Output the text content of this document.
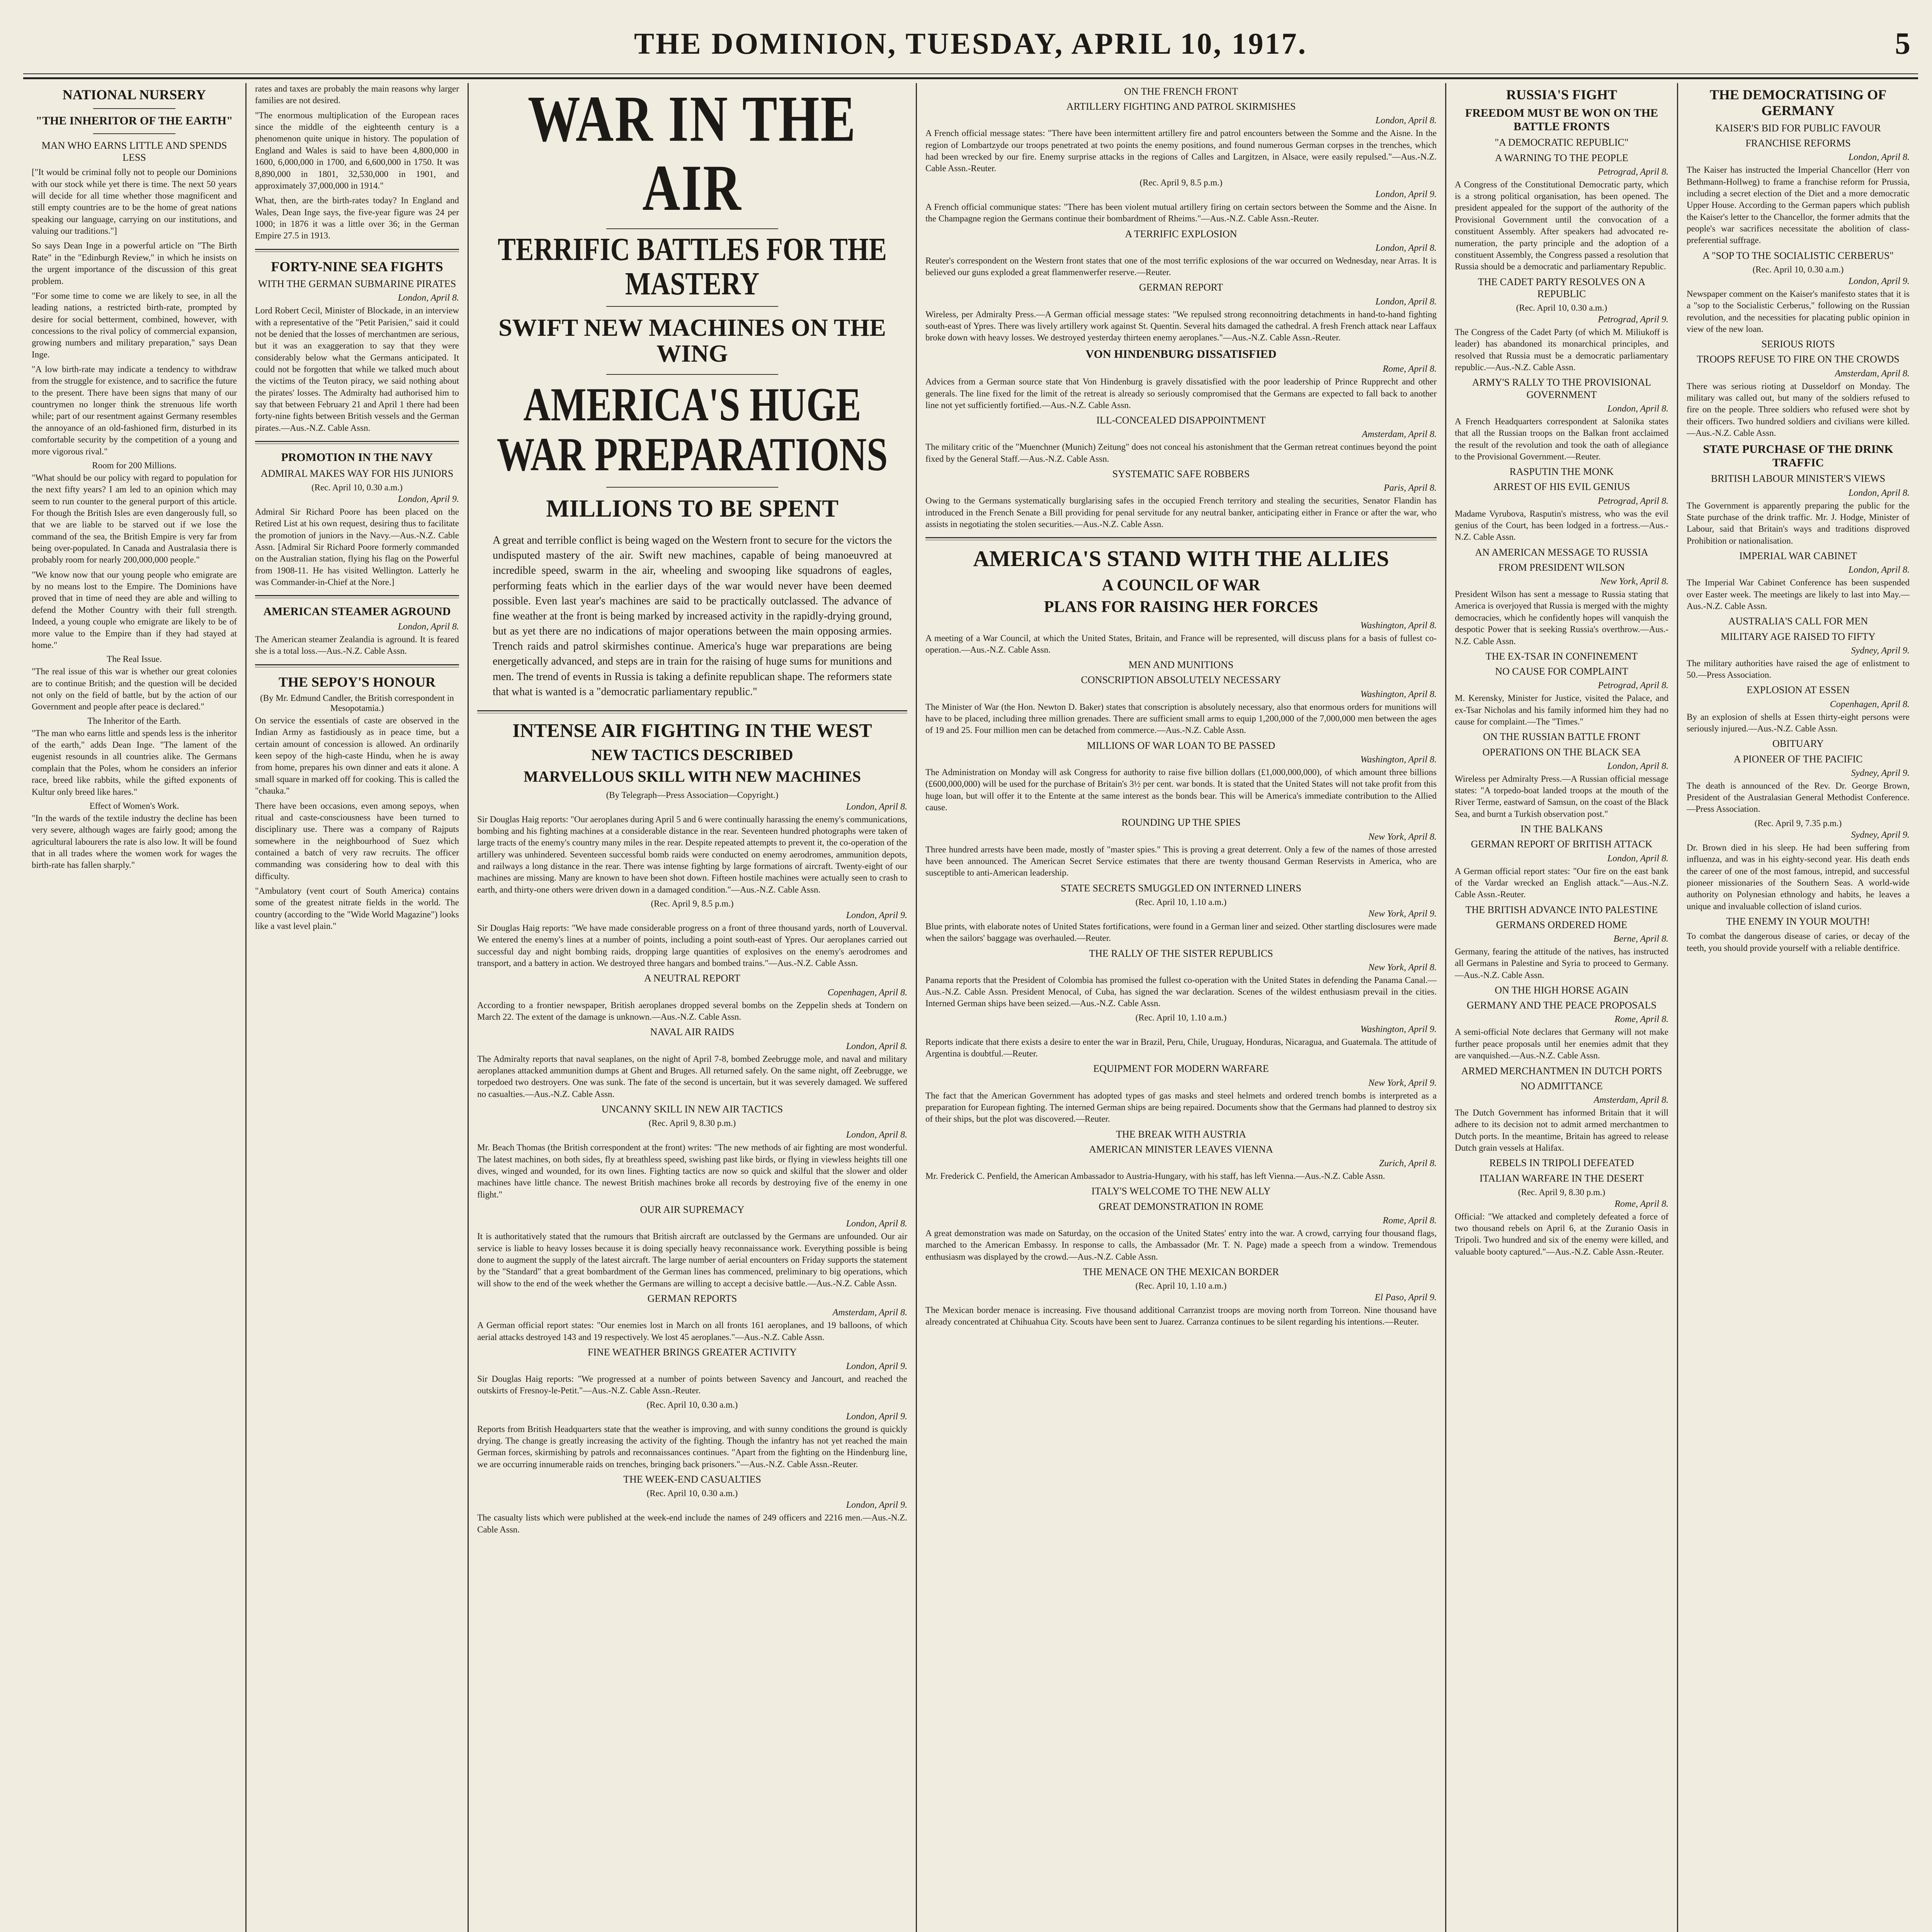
THE DOMINION, TUESDAY, APRIL 10, 1917.	5
NATIONAL NURSERY
"THE INHERITOR OF THE EARTH"
MAN WHO EARNS LITTLE AND SPENDS LESS

["It would be criminal folly not to people our Dominions with our stock while yet there is time. The next 50 years will decide for all time whether those magnificent and still empty countries are to be the home of great nations speaking our language, carrying on our institutions, and valuing our traditions."]

So says Dean Inge in a powerful article on "The Birth Rate" in the "Edinburgh Review," in which he insists on the urgent importance of the discussion of this great problem.

"For some time to come we are likely to see, in all the leading nations, a restricted birth-rate, prompted by desire for social betterment, combined, however, with concessions to the rival policy of commercial expansion, growing numbers and military preparation," says Dean Inge.

"A low birth-rate may indicate a tendency to withdraw from the struggle for existence, and to sacrifice the future to the present. There have been signs that many of our countrymen no longer think the strenuous life worth while; part of our resentment against Germany resembles the annoyance of an old-fashioned firm, disturbed in its comfortable security by the competition of a young and more vigorous rival."

Room for 200 Millions.

"What should be our policy with regard to population for the next fifty years? I am led to an opinion which may seem to run counter to the general purport of this article. For though the British Isles are even dangerously full, so that we are liable to be starved out if we lose the command of the sea, the British Empire is very far from being over-populated. In Canada and Australasia there is probably room for nearly 200,000,000 people."

"We know now that our young people who emigrate are by no means lost to the Empire. The Dominions have proved that in time of need they are able and willing to defend the Mother Country with their full strength. Indeed, a young couple who emigrate are likely to be of more value to the Empire than if they had stayed at home."

The Real Issue.

"The real issue of this war is whether our great colonies are to continue British; and the question will be decided not only on the field of battle, but by the action of our Government and people after peace is declared."

The Inheritor of the Earth.

"The man who earns little and spends less is the inheritor of the earth," adds Dean Inge. "The lament of the eugenist resounds in all countries alike. The Germans complain that the Poles, whom he considers an inferior race, breed like rabbits, while the gifted exponents of Kultur only breed like hares."

Effect of Women's Work.

"In the wards of the textile industry the decline has been very severe, although wages are fairly good; among the agricultural labourers the rate is also low. It will be found that in all trades where the women work for wages the birth-rate has fallen sharply."

rates and taxes are probably the main reasons why larger families are not desired.

"The enormous multiplication of the European races since the middle of the eighteenth century is a phenomenon quite unique in history. The population of England and Wales is said to have been 4,800,000 in 1600, 6,000,000 in 1700, and 6,600,000 in 1750. It was 8,890,000 in 1801, 32,530,000 in 1901, and approximately 37,000,000 in 1914."

What, then, are the birth-rates today? In England and Wales, Dean Inge says, the five-year figure was 24 per 1000; in 1876 it was a little over 36; in the German Empire 27.5 in 1913.

FORTY-NINE SEA FIGHTS
WITH THE GERMAN SUBMARINE PIRATES
London, April 8.

Lord Robert Cecil, Minister of Blockade, in an interview with a representative of the "Petit Parisien," said it could not be denied that the losses of merchantmen are serious, but it was an exaggeration to say that they were considerably below what the Germans anticipated. It could not be forgotten that while we talked much about the victims of the Teuton piracy, we said nothing about the pirates' losses. The Admiralty had authorised him to say that between February 21 and April 1 there had been forty-nine fights between British vessels and the German pirates.—Aus.-N.Z. Cable Assn.

PROMOTION IN THE NAVY
ADMIRAL MAKES WAY FOR HIS JUNIORS
(Rec. April 10, 0.30 a.m.)
London, April 9.

Admiral Sir Richard Poore has been placed on the Retired List at his own request, desiring thus to facilitate the promotion of juniors in the Navy.—Aus.-N.Z. Cable Assn. [Admiral Sir Richard Poore formerly commanded on the Australian station, flying his flag on the Powerful from 1908-11. He has visited Wellington. Latterly he was Commander-in-Chief at the Nore.]

AMERICAN STEAMER AGROUND
London, April 8.

The American steamer Zealandia is aground. It is feared she is a total loss.—Aus.-N.Z. Cable Assn.

THE SEPOY'S HONOUR
(By Mr. Edmund Candler, the British correspondent in Mesopotamia.)

On service the essentials of caste are observed in the Indian Army as fastidiously as in peace time, but a certain amount of concession is allowed. An ordinarily keen sepoy of the high-caste Hindu, when he is away from home, prepares his own dinner and eats it alone. A small square in marked off for cooking. This is called the "chauka."

There have been occasions, even among sepoys, when ritual and caste-consciousness have been turned to disciplinary use. There was a company of Rajputs somewhere in the neighbourhood of Suez which contained a batch of very raw recruits. The officer commanding was considering how to deal with this difficulty.

"Ambulatory (vent court of South America) contains some of the greatest nitrate fields in the world. The country (according to the "Wide World Magazine") looks like a vast level plain."

WAR IN THE AIR
TERRIFIC BATTLES FOR THE MASTERY
SWIFT NEW MACHINES ON THE WING
AMERICA'S HUGE WAR PREPARATIONS
MILLIONS TO BE SPENT

A great and terrible conflict is being waged on the Western front to secure for the victors the undisputed mastery of the air. Swift new machines, capable of being manoeuvred at incredible speed, swarm in the air, wheeling and swooping like squadrons of eagles, performing feats which in the earlier days of the war would never have been deemed possible. Even last year's machines are said to be practically outclassed. The advance of fine weather at the front is being marked by increased activity in the rapidly-drying ground, but as yet there are no indications of major operations between the main opposing armies. Trench raids and patrol skirmishes continue. America's huge war preparations are being energetically advanced, and steps are in train for the raising of huge sums for munitions and men. The trend of events in Russia is taking a definite republican shape. The reformers state that what is wanted is a "democratic parliamentary republic."

INTENSE AIR FIGHTING IN THE WEST
NEW TACTICS DESCRIBED
MARVELLOUS SKILL WITH NEW MACHINES
(By Telegraph—Press Association—Copyright.)
London, April 8.

Sir Douglas Haig reports: "Our aeroplanes during April 5 and 6 were continually harassing the enemy's communications, bombing and his fighting machines at a considerable distance in the rear. Seventeen hundred photographs were taken of large tracts of the enemy's country many miles in the rear. Despite repeated attempts to prevent it, the co-operation of the artillery was unhindered. Seventeen successful bomb raids were conducted on enemy aerodromes, ammunition depots, and railways a long distance in the rear. There was intense fighting by large formations of aircraft. Twenty-eight of our machines are missing. Many are known to have been shot down. Fifteen hostile machines were actually seen to crash to earth, and thirty-one others were driven down in a damaged condition."—Aus.-N.Z. Cable Assn.

(Rec. April 9, 8.5 p.m.)
London, April 9.

Sir Douglas Haig reports: "We have made considerable progress on a front of three thousand yards, north of Louverval. We entered the enemy's lines at a number of points, including a point south-east of Ypres. Our aeroplanes carried out successful day and night bombing raids, dropping large quantities of explosives on the enemy's aerodromes and transport, and a battery in action. We destroyed three hangars and bombed trains."—Aus.-N.Z. Cable Assn.

A NEUTRAL REPORT
Copenhagen, April 8.

According to a frontier newspaper, British aeroplanes dropped several bombs on the Zeppelin sheds at Tondern on March 22. The extent of the damage is unknown.—Aus.-N.Z. Cable Assn.

NAVAL AIR RAIDS
London, April 8.

The Admiralty reports that naval seaplanes, on the night of April 7-8, bombed Zeebrugge mole, and naval and military aeroplanes attacked ammunition dumps at Ghent and Bruges. All returned safely. On the same night, off Zeebrugge, we torpedoed two destroyers. One was sunk. The fate of the second is uncertain, but it was severely damaged. We suffered no casualties.—Aus.-N.Z. Cable Assn.

UNCANNY SKILL IN NEW AIR TACTICS
(Rec. April 9, 8.30 p.m.)
London, April 8.

Mr. Beach Thomas (the British correspondent at the front) writes: "The new methods of air fighting are most wonderful. The latest machines, on both sides, fly at breathless speed, swishing past like birds, or flying in viewless heights till one dives, winged and wounded, for its own lines. Fighting tactics are now so quick and skilful that the slower and older machines have little chance. The newest British machines broke all records by destroying five of the enemy in one flight."

OUR AIR SUPREMACY
London, April 8.

It is authoritatively stated that the rumours that British aircraft are outclassed by the Germans are unfounded. Our air service is liable to heavy losses because it is doing specially heavy reconnaissance work. Everything possible is being done to augment the supply of the latest aircraft. The large number of aerial encounters on Friday supports the statement by the "Standard" that a great bombardment of the German lines has commenced, preliminary to big operations, which will show to the end of the week whether the Germans are willing to accept a decisive battle.—Aus.-N.Z. Cable Assn.

GERMAN REPORTS
Amsterdam, April 8.

A German official report states: "Our enemies lost in March on all fronts 161 aeroplanes, and 19 balloons, of which aerial attacks destroyed 143 and 19 respectively. We lost 45 aeroplanes."—Aus.-N.Z. Cable Assn.

FINE WEATHER BRINGS GREATER ACTIVITY
London, April 9.

Sir Douglas Haig reports: "We progressed at a number of points between Savency and Jancourt, and reached the outskirts of Fresnoy-le-Petit."—Aus.-N.Z. Cable Assn.-Reuter.

(Rec. April 10, 0.30 a.m.)
London, April 9.

Reports from British Headquarters state that the weather is improving, and with sunny conditions the ground is quickly drying. The change is greatly increasing the activity of the fighting. Though the infantry has not yet reached the main German forces, skirmishing by patrols and reconnaissances continues. "Apart from the fighting on the Hindenburg line, we are occurring innumerable raids on trenches, bringing back prisoners."—Aus.-N.Z. Cable Assn.-Reuter.

THE WEEK-END CASUALTIES
(Rec. April 10, 0.30 a.m.)
London, April 9.

The casualty lists which were published at the week-end include the names of 249 officers and 2216 men.—Aus.-N.Z. Cable Assn.

ON THE FRENCH FRONT
ARTILLERY FIGHTING AND PATROL SKIRMISHES
London, April 8.

A French official message states: "There have been intermittent artillery fire and patrol encounters between the Somme and the Aisne. In the region of Lombartzyde our troops penetrated at two points the enemy positions, and found numerous German corpses in the trenches, which had been wrecked by our fire. Enemy surprise attacks in the regions of Calles and Largitzen, in Alsace, were easily repulsed."—Aus.-N.Z. Cable Assn.-Reuter.

(Rec. April 9, 8.5 p.m.)
London, April 9.

A French official communique states: "There has been violent mutual artillery firing on certain sectors between the Somme and the Aisne. In the Champagne region the Germans continue their bombardment of Rheims."—Aus.-N.Z. Cable Assn.-Reuter.

A TERRIFIC EXPLOSION
London, April 8.

Reuter's correspondent on the Western front states that one of the most terrific explosions of the war occurred on Wednesday, near Arras. It is believed our guns exploded a great flammenwerfer reserve.—Reuter.

GERMAN REPORT
London, April 8.

Wireless, per Admiralty Press.—A German official message states: "We repulsed strong reconnoitring detachments in hand-to-hand fighting south-east of Ypres. There was lively artillery work against St. Quentin. Several hits damaged the cathedral. A fresh French attack near Laffaux broke down with heavy losses. We destroyed yesterday thirteen enemy aeroplanes."—Aus.-N.Z. Cable Assn.-Reuter.

VON HINDENBURG DISSATISFIED
Rome, April 8.

Advices from a German source state that Von Hindenburg is gravely dissatisfied with the poor leadership of Prince Rupprecht and other generals. The line fixed for the limit of the retreat is already so seriously compromised that the Germans are expected to fall back to another line not yet sufficiently fortified.—Aus.-N.Z. Cable Assn.

ILL-CONCEALED DISAPPOINTMENT
Amsterdam, April 8.

The military critic of the "Muenchner (Munich) Zeitung" does not conceal his astonishment that the German retreat continues beyond the point fixed by the General Staff.—Aus.-N.Z. Cable Assn.

SYSTEMATIC SAFE ROBBERS
Paris, April 8.

Owing to the Germans systematically burglarising safes in the occupied French territory and stealing the securities, Senator Flandin has introduced in the French Senate a Bill providing for penal servitude for any neutral banker, anticipating either in France or after the war, who assists in negotiating the stolen securities.—Aus.-N.Z. Cable Assn.

AMERICA'S STAND WITH THE ALLIES
A COUNCIL OF WAR
PLANS FOR RAISING HER FORCES
Washington, April 8.

A meeting of a War Council, at which the United States, Britain, and France will be represented, will discuss plans for a basis of fullest co-operation.—Aus.-N.Z. Cable Assn.

MEN AND MUNITIONS
CONSCRIPTION ABSOLUTELY NECESSARY
Washington, April 8.

The Minister of War (the Hon. Newton D. Baker) states that conscription is absolutely necessary, also that enormous orders for munitions will have to be placed, including three million grenades. There are sufficient small arms to equip 1,200,000 of the 7,000,000 men between the ages of 19 and 25. Four million men can be detached from commerce.—Aus.-N.Z. Cable Assn.

MILLIONS OF WAR LOAN TO BE PASSED
Washington, April 8.

The Administration on Monday will ask Congress for authority to raise five billion dollars (£1,000,000,000), of which amount three billions (£600,000,000) will be used for the purchase of Britain's 3½ per cent. war bonds. It is stated that the United States will not take profit from this huge loan, but will offer it to the Entente at the same interest as the bonds bear. This will be America's immediate contribution to the Allied cause.

ROUNDING UP THE SPIES
New York, April 8.

Three hundred arrests have been made, mostly of "master spies." This is proving a great deterrent. Only a few of the names of those arrested have been announced. The American Secret Service estimates that there are twenty thousand German Reservists in America, who are susceptible to anti-American leadership.

STATE SECRETS SMUGGLED ON INTERNED LINERS
(Rec. April 10, 1.10 a.m.)
New York, April 9.

Blue prints, with elaborate notes of United States fortifications, were found in a German liner and seized. Other startling disclosures were made when the sailors' baggage was overhauled.—Reuter.

THE RALLY OF THE SISTER REPUBLICS
New York, April 8.

Panama reports that the President of Colombia has promised the fullest co-operation with the United States in defending the Panama Canal.—Aus.-N.Z. Cable Assn. President Menocal, of Cuba, has signed the war declaration. Scenes of the wildest enthusiasm prevail in the cities. Interned German ships have been seized.—Aus.-N.Z. Cable Assn.

(Rec. April 10, 1.10 a.m.)
Washington, April 9.

Reports indicate that there exists a desire to enter the war in Brazil, Peru, Chile, Uruguay, Honduras, Nicaragua, and Guatemala. The attitude of Argentina is doubtful.—Reuter.

EQUIPMENT FOR MODERN WARFARE
New York, April 9.

The fact that the American Government has adopted types of gas masks and steel helmets and ordered trench bombs is interpreted as a preparation for European fighting. The interned German ships are being repaired. Documents show that the Germans had planned to destroy six of their ships, but the plot was discovered.—Reuter.

THE BREAK WITH AUSTRIA
AMERICAN MINISTER LEAVES VIENNA
Zurich, April 8.

Mr. Frederick C. Penfield, the American Ambassador to Austria-Hungary, with his staff, has left Vienna.—Aus.-N.Z. Cable Assn.

ITALY'S WELCOME TO THE NEW ALLY
GREAT DEMONSTRATION IN ROME
Rome, April 8.

A great demonstration was made on Saturday, on the occasion of the United States' entry into the war. A crowd, carrying four thousand flags, marched to the American Embassy. In response to calls, the Ambassador (Mr. T. N. Page) made a speech from a window. Tremendous enthusiasm was displayed by the crowd.—Aus.-N.Z. Cable Assn.

THE MENACE ON THE MEXICAN BORDER
(Rec. April 10, 1.10 a.m.)
El Paso, April 9.

The Mexican border menace is increasing. Five thousand additional Carranzist troops are moving north from Torreon. Nine thousand have already concentrated at Chihuahua City. Scouts have been sent to Juarez. Carranza continues to be silent regarding his intentions.—Reuter.

RUSSIA'S FIGHT
FREEDOM MUST BE WON ON THE BATTLE FRONTS
"A DEMOCRATIC REPUBLIC"
A WARNING TO THE PEOPLE
Petrograd, April 8.

A Congress of the Constitutional Democratic party, which is a strong political organisation, has been opened. The president appealed for the support of the authority of the Provisional Government until the convocation of a constituent Assembly. After speakers had advocated re-numeration, the party principle and the adoption of a constituent Assembly, the Congress passed a resolution that Russia should be a democratic and parliamentary Republic.

THE CADET PARTY RESOLVES ON A REPUBLIC
(Rec. April 10, 0.30 a.m.)
Petrograd, April 9.

The Congress of the Cadet Party (of which M. Miliukoff is leader) has abandoned its monarchical principles, and resolved that Russia must be a democratic parliamentary republic.—Aus.-N.Z. Cable Assn.

ARMY'S RALLY TO THE PROVISIONAL GOVERNMENT
London, April 8.

A French Headquarters correspondent at Salonika states that all the Russian troops on the Balkan front acclaimed the result of the revolution and took the oath of allegiance to the Provisional Government.—Reuter.

RASPUTIN THE MONK
ARREST OF HIS EVIL GENIUS
Petrograd, April 8.

Madame Vyrubova, Rasputin's mistress, who was the evil genius of the Court, has been lodged in a fortress.—Aus.-N.Z. Cable Assn.

AN AMERICAN MESSAGE TO RUSSIA
FROM PRESIDENT WILSON
New York, April 8.

President Wilson has sent a message to Russia stating that America is overjoyed that Russia is merged with the mighty democracies, which he confidently hopes will vanquish the despotic Power that is seeking Russia's overthrow.—Aus.-N.Z. Cable Assn.

THE EX-TSAR IN CONFINEMENT
NO CAUSE FOR COMPLAINT
Petrograd, April 8.

M. Kerensky, Minister for Justice, visited the Palace, and ex-Tsar Nicholas and his family informed him they had no cause for complaint.—The "Times."

ON THE RUSSIAN BATTLE FRONT
OPERATIONS ON THE BLACK SEA
London, April 8.

Wireless per Admiralty Press.—A Russian official message states: "A torpedo-boat landed troops at the mouth of the River Terme, eastward of Samsun, on the coast of the Black Sea, and burnt a Turkish observation post."

IN THE BALKANS
GERMAN REPORT OF BRITISH ATTACK
London, April 8.

A German official report states: "Our fire on the east bank of the Vardar wrecked an English attack."—Aus.-N.Z. Cable Assn.-Reuter.

THE BRITISH ADVANCE INTO PALESTINE
GERMANS ORDERED HOME
Berne, April 8.

Germany, fearing the attitude of the natives, has instructed all Germans in Palestine and Syria to proceed to Germany.—Aus.-N.Z. Cable Assn.

ON THE HIGH HORSE AGAIN
GERMANY AND THE PEACE PROPOSALS
Rome, April 8.

A semi-official Note declares that Germany will not make further peace proposals until her enemies admit that they are vanquished.—Aus.-N.Z. Cable Assn.

ARMED MERCHANTMEN IN DUTCH PORTS
NO ADMITTANCE
Amsterdam, April 8.

The Dutch Government has informed Britain that it will adhere to its decision not to admit armed merchantmen to Dutch ports. In the meantime, Britain has agreed to release Dutch grain vessels at Halifax.

REBELS IN TRIPOLI DEFEATED
ITALIAN WARFARE IN THE DESERT
(Rec. April 9, 8.30 p.m.)
Rome, April 8.

Official: "We attacked and completely defeated a force of two thousand rebels on April 6, at the Zuranio Oasis in Tripoli. Two hundred and six of the enemy were killed, and valuable booty captured."—Aus.-N.Z. Cable Assn.-Reuter.

THE DEMOCRATISING OF GERMANY
KAISER'S BID FOR PUBLIC FAVOUR
FRANCHISE REFORMS
London, April 8.

The Kaiser has instructed the Imperial Chancellor (Herr von Bethmann-Hollweg) to frame a franchise reform for Prussia, including a secret election of the Diet and a more democratic Upper House. According to the German papers which publish the Kaiser's letter to the Chancellor, the former admits that the people's war sacrifices necessitate the abolition of class-preferential suffrage.

A "SOP TO THE SOCIALISTIC CERBERUS"
(Rec. April 10, 0.30 a.m.)
London, April 9.

Newspaper comment on the Kaiser's manifesto states that it is a "sop to the Socialistic Cerberus," following on the Russian revolution, and the necessities for placating public opinion in view of the new loan.

SERIOUS RIOTS
TROOPS REFUSE TO FIRE ON THE CROWDS
Amsterdam, April 8.

There was serious rioting at Dusseldorf on Monday. The military was called out, but many of the soldiers refused to fire on the people. Three soldiers who refused were shot by their officers. Two hundred soldiers and civilians were killed.—Aus.-N.Z. Cable Assn.

STATE PURCHASE OF THE DRINK TRAFFIC
BRITISH LABOUR MINISTER'S VIEWS
London, April 8.

The Government is apparently preparing the public for the State purchase of the drink traffic. Mr. J. Hodge, Minister of Labour, said that Britain's ways and traditions disproved Prohibition or nationalisation.

IMPERIAL WAR CABINET
London, April 8.

The Imperial War Cabinet Conference has been suspended over Easter week. The meetings are likely to last into May.—Aus.-N.Z. Cable Assn.

AUSTRALIA'S CALL FOR MEN
MILITARY AGE RAISED TO FIFTY
Sydney, April 9.

The military authorities have raised the age of enlistment to 50.—Press Association.

EXPLOSION AT ESSEN
Copenhagen, April 8.

By an explosion of shells at Essen thirty-eight persons were seriously injured.—Aus.-N.Z. Cable Assn.

OBITUARY
A PIONEER OF THE PACIFIC
Sydney, April 9.

The death is announced of the Rev. Dr. George Brown, President of the Australasian General Methodist Conference.—Press Association.

(Rec. April 9, 7.35 p.m.)
Sydney, April 9.

Dr. Brown died in his sleep. He had been suffering from influenza, and was in his eighty-second year. His death ends the career of one of the most famous, intrepid, and successful pioneer missionaries of the Southern Seas. A world-wide authority on Polynesian ethnology and habits, he leaves a unique and invaluable collection of island curios.

THE ENEMY IN YOUR MOUTH!

To combat the dangerous disease of caries, or decay of the teeth, you should provide yourself with a reliable dentifrice.
